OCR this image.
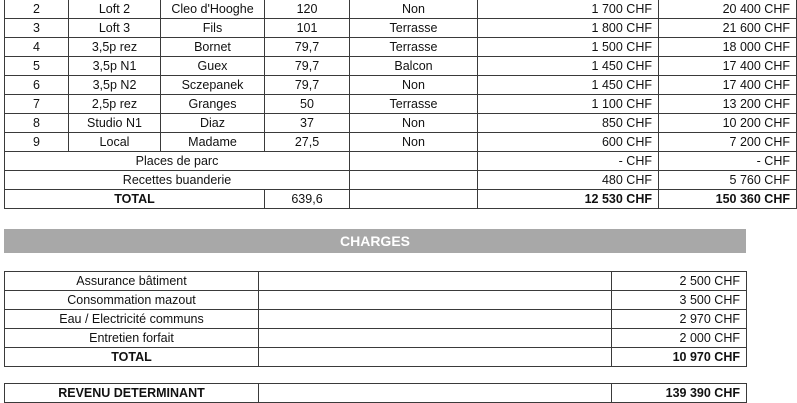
2	Loft 2	Cleo d'Hooghe	120	Non	1 700 CHF	20 400 CHF
3	Loft 3	Fils	101	Terrasse	1 800 CHF	21 600 CHF
4	3,5p rez	Bornet	79,7	Terrasse	1 500 CHF	18 000 CHF
5	3,5p N1	Guex	79,7	Balcon	1 450 CHF	17 400 CHF
6	3,5p N2	Sczepanek	79,7	Non	1 450 CHF	17 400 CHF
7	2,5p rez	Granges	50	Terrasse	1 100 CHF	13 200 CHF
8	Studio N1	Diaz	37	Non	850 CHF	10 200 CHF
9	Local	Madame	27,5	Non	600 CHF	7 200 CHF
Places de parc					- CHF	- CHF
Recettes buanderie					480 CHF	5 760 CHF
TOTAL			639,6		12 530 CHF	150 360 CHF
CHARGES
Assurance bâtiment		2 500 CHF
Consommation mazout		3 500 CHF
Eau / Electricité communs		2 970 CHF
Entretien forfait		2 000 CHF
TOTAL		10 970 CHF
REVENU DETERMINANT		139 390 CHF
